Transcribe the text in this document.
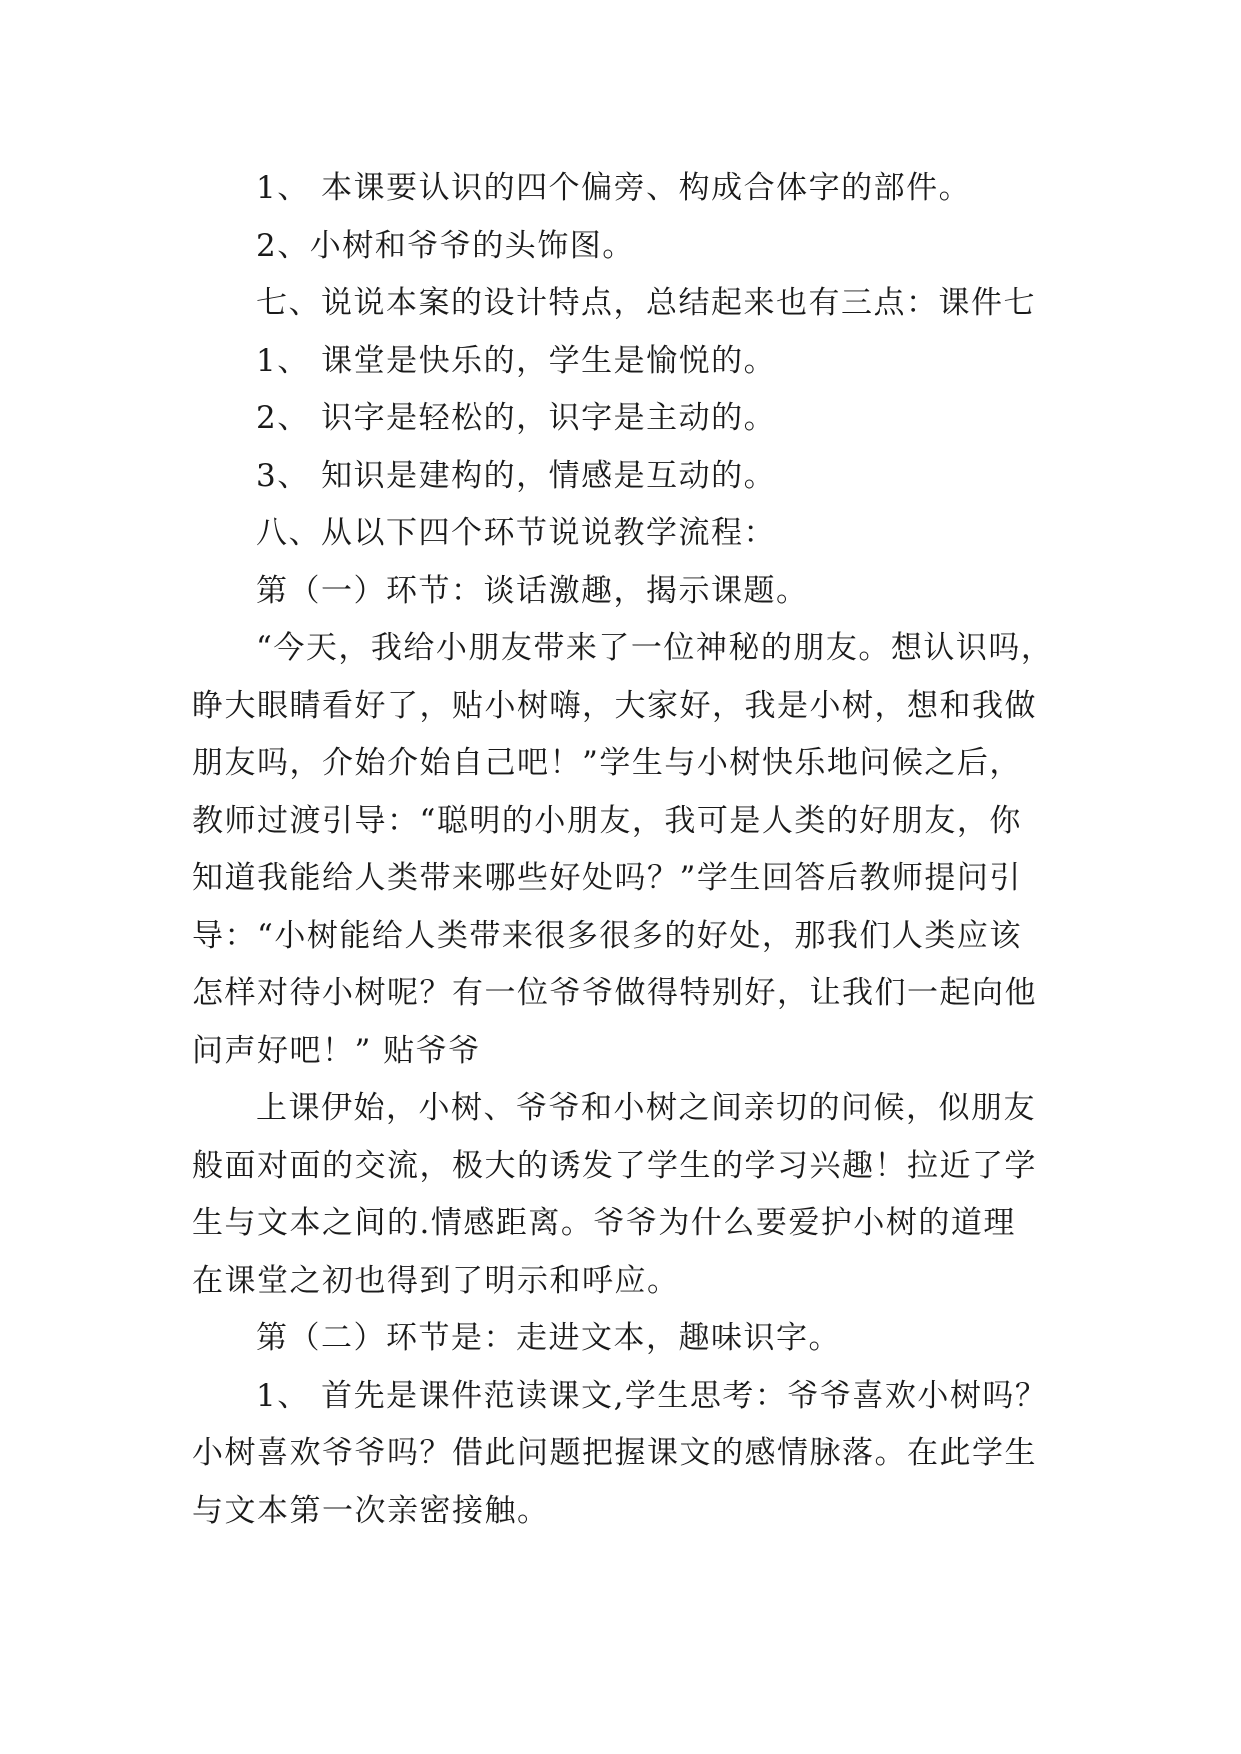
1、 本课要认识的四个偏旁、构成合体字的部件。

2、小树和爷爷的头饰图。

七、说说本案的设计特点，总结起来也有三点：课件七

1、 课堂是快乐的，学生是愉悦的。

2、 识字是轻松的，识字是主动的。

3、 知识是建构的，情感是互动的。

八、从以下四个环节说说教学流程：

第（一）环节：谈话激趣，揭示课题。

“今天，我给小朋友带来了一位神秘的朋友。想认识吗，

睁大眼睛看好了，贴小树嗨，大家好，我是小树，想和我做

朋友吗，介始介始自己吧！”学生与小树快乐地问候之后，

教师过渡引导：“聪明的小朋友，我可是人类的好朋友，你

知道我能给人类带来哪些好处吗？”学生回答后教师提问引

导：“小树能给人类带来很多很多的好处，那我们人类应该

怎样对待小树呢？有一位爷爷做得特别好，让我们一起向他

问声好吧！” 贴爷爷

上课伊始，小树、爷爷和小树之间亲切的问候，似朋友

般面对面的交流，极大的诱发了学生的学习兴趣！拉近了学

生与文本之间的.情感距离。爷爷为什么要爱护小树的道理

在课堂之初也得到了明示和呼应。

第（二）环节是：走进文本，趣味识字。

1、 首先是课件范读课文,学生思考：爷爷喜欢小树吗？

小树喜欢爷爷吗？借此问题把握课文的感情脉落。在此学生

与文本第一次亲密接触。
